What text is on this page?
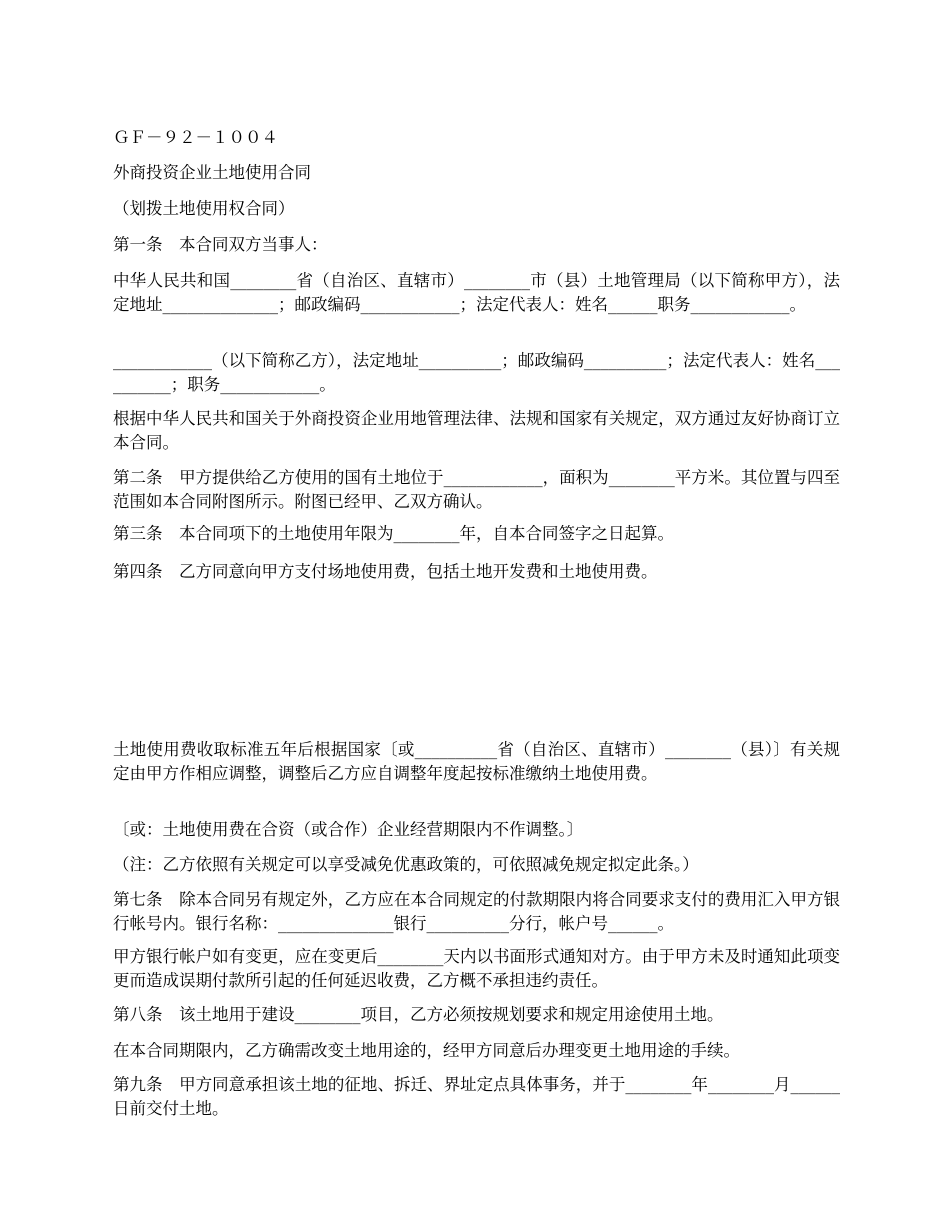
ＧＦ－９２－１００４

外商投资企业土地使用合同

（划拨土地使用权合同）

第一条　本合同双方当事人：

中华人民共和国________省（自治区、直辖市）________市（县）土地管理局（以下简称甲方），法定地址______________；邮政编码____________；法定代表人：姓名______职务____________。

____________（以下简称乙方），法定地址__________；邮政编码__________；法定代表人：姓名__________；职务____________。

根据中华人民共和国关于外商投资企业用地管理法律、法规和国家有关规定，双方通过友好协商订立本合同。

第二条　甲方提供给乙方使用的国有土地位于____________，面积为________平方米。其位置与四至范围如本合同附图所示。附图已经甲、乙双方确认。

第三条　本合同项下的土地使用年限为________年，自本合同签字之日起算。

第四条　乙方同意向甲方支付场地使用费，包括土地开发费和土地使用费。

土地使用费收取标准五年后根据国家〔或__________省（自治区、直辖市）________（县）〕有关规定由甲方作相应调整，调整后乙方应自调整年度起按标准缴纳土地使用费。

〔或：土地使用费在合资（或合作）企业经营期限内不作调整。〕

（注：乙方依照有关规定可以享受减免优惠政策的，可依照减免规定拟定此条。）

第七条　除本合同另有规定外，乙方应在本合同规定的付款期限内将合同要求支付的费用汇入甲方银行帐号内。银行名称：______________银行__________分行，帐户号______。

甲方银行帐户如有变更，应在变更后________天内以书面形式通知对方。由于甲方未及时通知此项变更而造成误期付款所引起的任何延迟收费，乙方概不承担违约责任。

第八条　该土地用于建设________项目，乙方必须按规划要求和规定用途使用土地。

在本合同期限内，乙方确需改变土地用途的，经甲方同意后办理变更土地用途的手续。

第九条　甲方同意承担该土地的征地、拆迁、界址定点具体事务，并于________年________月______日前交付土地。
